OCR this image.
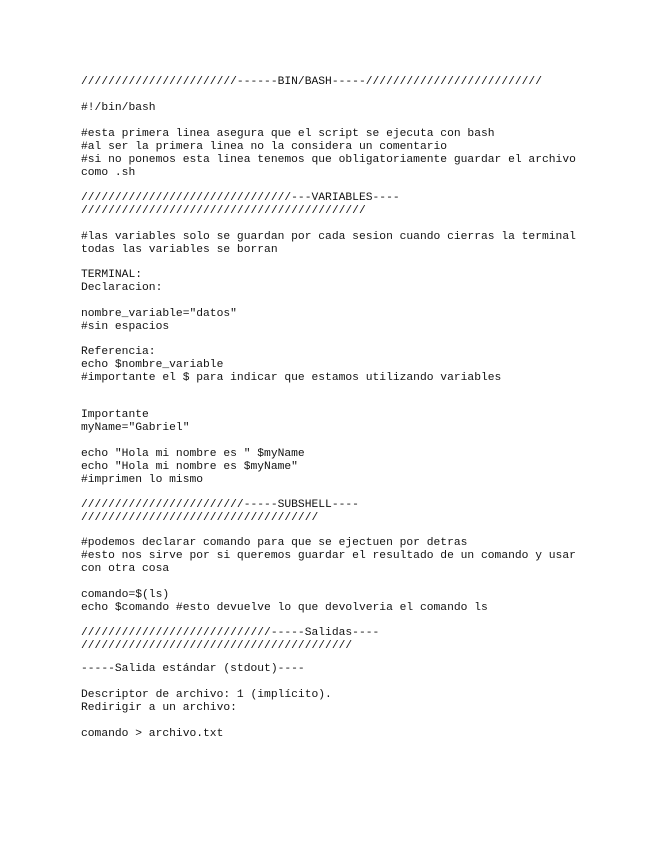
///////////////////////------BIN/BASH-----//////////////////////////

#!/bin/bash

#esta primera linea asegura que el script se ejecuta con bash

#al ser la primera linea no la considera un comentario

#si no ponemos esta linea tenemos que obligatoriamente guardar el archivo

como .sh

///////////////////////////////---VARIABLES----

//////////////////////////////////////////

#las variables solo se guardan por cada sesion cuando cierras la terminal

todas las variables se borran

TERMINAL:

Declaracion:

nombre_variable="datos"

#sin espacios

Referencia:

echo $nombre_variable

#importante el $ para indicar que estamos utilizando variables

Importante

myName="Gabriel"

echo "Hola mi nombre es " $myName

echo "Hola mi nombre es $myName"

#imprimen lo mismo

////////////////////////-----SUBSHELL----

///////////////////////////////////

#podemos declarar comando para que se ejectuen por detras

#esto nos sirve por si queremos guardar el resultado de un comando y usar

con otra cosa

comando=$(ls)

echo $comando #esto devuelve lo que devolveria el comando ls

////////////////////////////-----Salidas----

////////////////////////////////////////

-----Salida estándar (stdout)----

Descriptor de archivo: 1 (implícito).

Redirigir a un archivo:

comando > archivo.txt
